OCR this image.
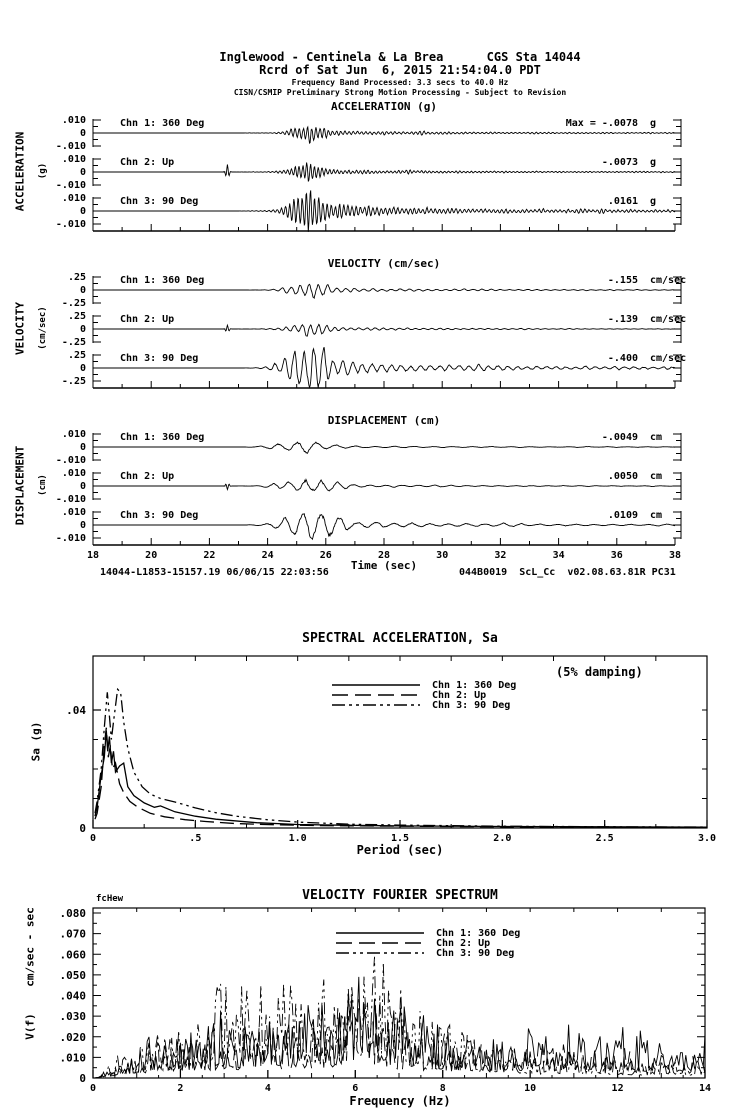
Inglewood - Centinela & La Brea      CGS Sta 14044
Rcrd of Sat Jun  6, 2015 21:54:04.0 PDT
Frequency Band Processed: 3.3 secs to 40.0 Hz
CISN/CSMIP Preliminary Strong Motion Processing - Subject to Revision
ACCELERATION (g)
VELOCITY (cm/sec)
DISPLACEMENT (cm)
ACCELERATION (g)
VELOCITY (cm/sec)
DISPLACEMENT (cm)
.010
0
-.010
Chn 1: 360 Deg	Max = -.0078 g
.010
0
-.010
Chn 2: Up	-.0073 g
.010
0
-.010
Chn 3: 90 Deg	.0161 g
.25
0
-.25
Chn 1: 360 Deg	-.155 cm/sec
.25
0
-.25
Chn 2: Up	-.139 cm/sec
.25
0
-.25
Chn 3: 90 Deg	-.400 cm/sec
.010
0
-.010
Chn 1: 360 Deg	-.0049 cm
.010
0
-.010
Chn 2: Up	.0050 cm
.010
0
-.010
Chn 3: 90 Deg	.0109 cm
18	20	22	24	26	28	30	32	34	36	38
Time (sec)
14044-L1853-15157.19 06/06/15 22:03:56	044B0019  ScL_Cc  v02.08.63.81R PC31
SPECTRAL ACCELERATION, Sa
(5% damping)
0	.5	1.0	1.5	2.0	2.5	3.0
.04
0
Chn 1: 360 Deg
Chn 2: Up
Chn 3: 90 Deg
Sa (g)
Period (sec)
VELOCITY FOURIER SPECTRUM
fcHew
0	2	4	6	8	10	12	14
.080
.070
.060
.050
.040
.030
.020
.010
0
Chn 1: 360 Deg
Chn 2: Up
Chn 3: 90 Deg
V(f)    cm/sec - sec
Frequency (Hz)
